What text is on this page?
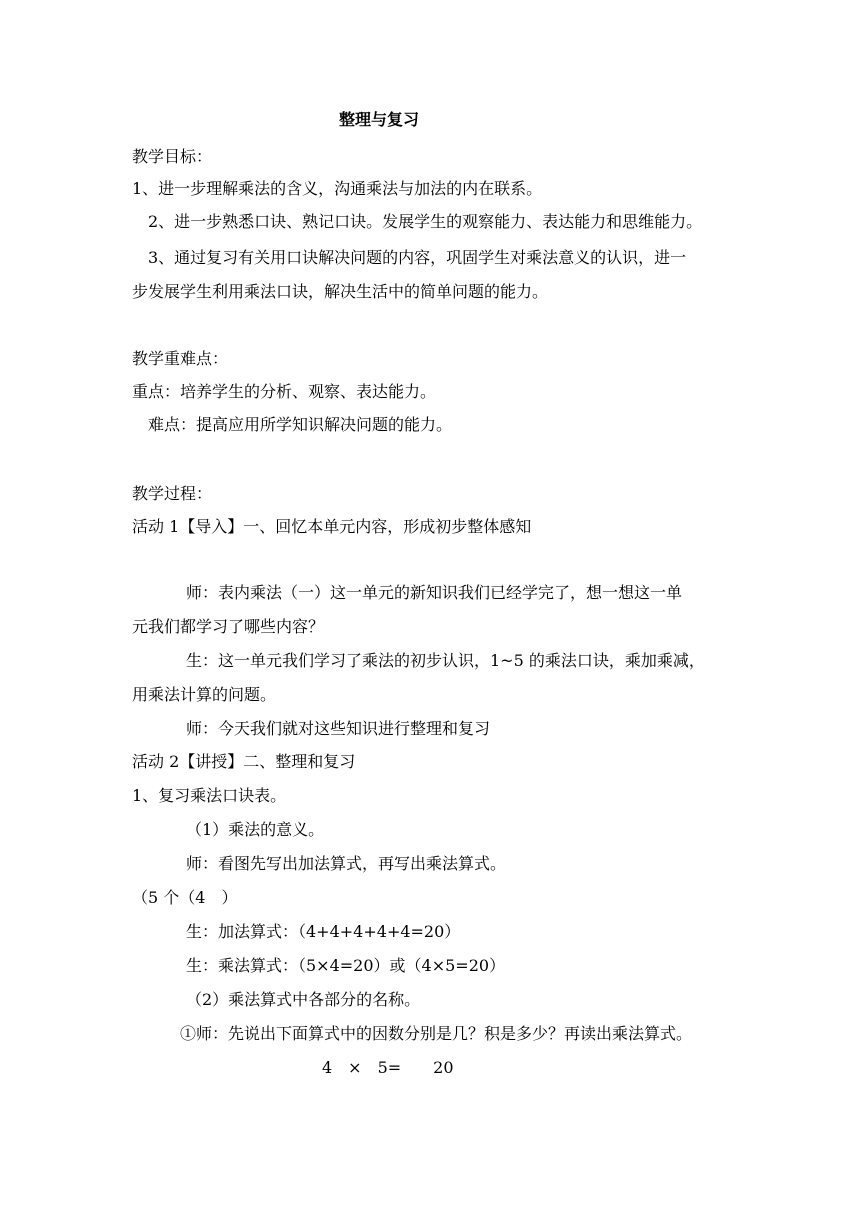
整理与复习
教学目标：
1、进一步理解乘法的含义，沟通乘法与加法的内在联系。
2、进一步熟悉口诀、熟记口诀。发展学生的观察能力、表达能力和思维能力。
3、通过复习有关用口诀解决问题的内容，巩固学生对乘法意义的认识，进一
步发展学生利用乘法口诀，解决生活中的简单问题的能力。
教学重难点：
重点：培养学生的分析、观察、表达能力。
难点：提高应用所学知识解决问题的能力。
教学过程：
活动 1【导入】一、回忆本单元内容，形成初步整体感知
师：表内乘法（一）这一单元的新知识我们已经学完了，想一想这一单
元我们都学习了哪些内容？
生：这一单元我们学习了乘法的初步认识，1~5 的乘法口诀，乘加乘减，
用乘法计算的问题。
师：今天我们就对这些知识进行整理和复习
活动 2【讲授】二、整理和复习
1、复习乘法口诀表。
（1）乘法的意义。
师：看图先写出加法算式，再写出乘法算式。
（5 个（4　）
生：加法算式：（4+4+4+4+4=20）
生：乘法算式：（5×4=20）或（4×5=20）
（2）乘法算式中各部分的名称。
①师：先说出下面算式中的因数分别是几？积是多少？再读出乘法算式。
4　×　5=　　20
